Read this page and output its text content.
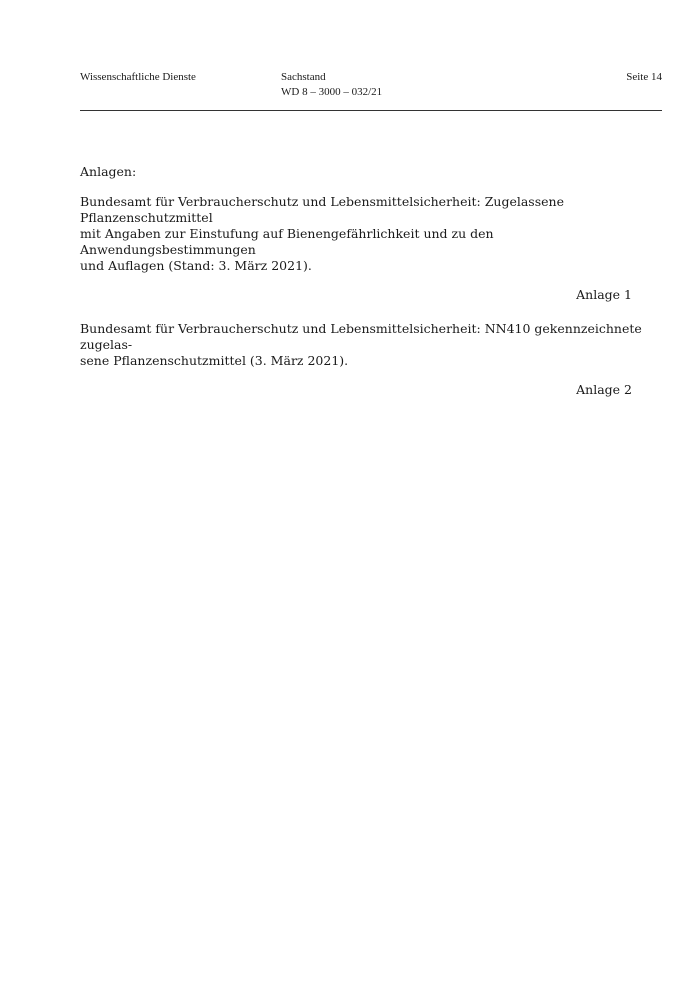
Wissenschaftliche Dienste	Sachstand
WD 8 – 3000 – 032/21
Seite 14

Anlagen:

Bundesamt für Verbraucherschutz und Lebensmittelsicherheit: Zugelassene Pflanzenschutzmittel
mit Angaben zur Einstufung auf Bienengefährlichkeit und zu den Anwendungsbestimmungen
und Auflagen (Stand: 3. März 2021).

Anlage 1

Bundesamt für Verbraucherschutz und Lebensmittelsicherheit: NN410 gekennzeichnete zugelas-
sene Pflanzenschutzmittel (3. März 2021).

Anlage 2
